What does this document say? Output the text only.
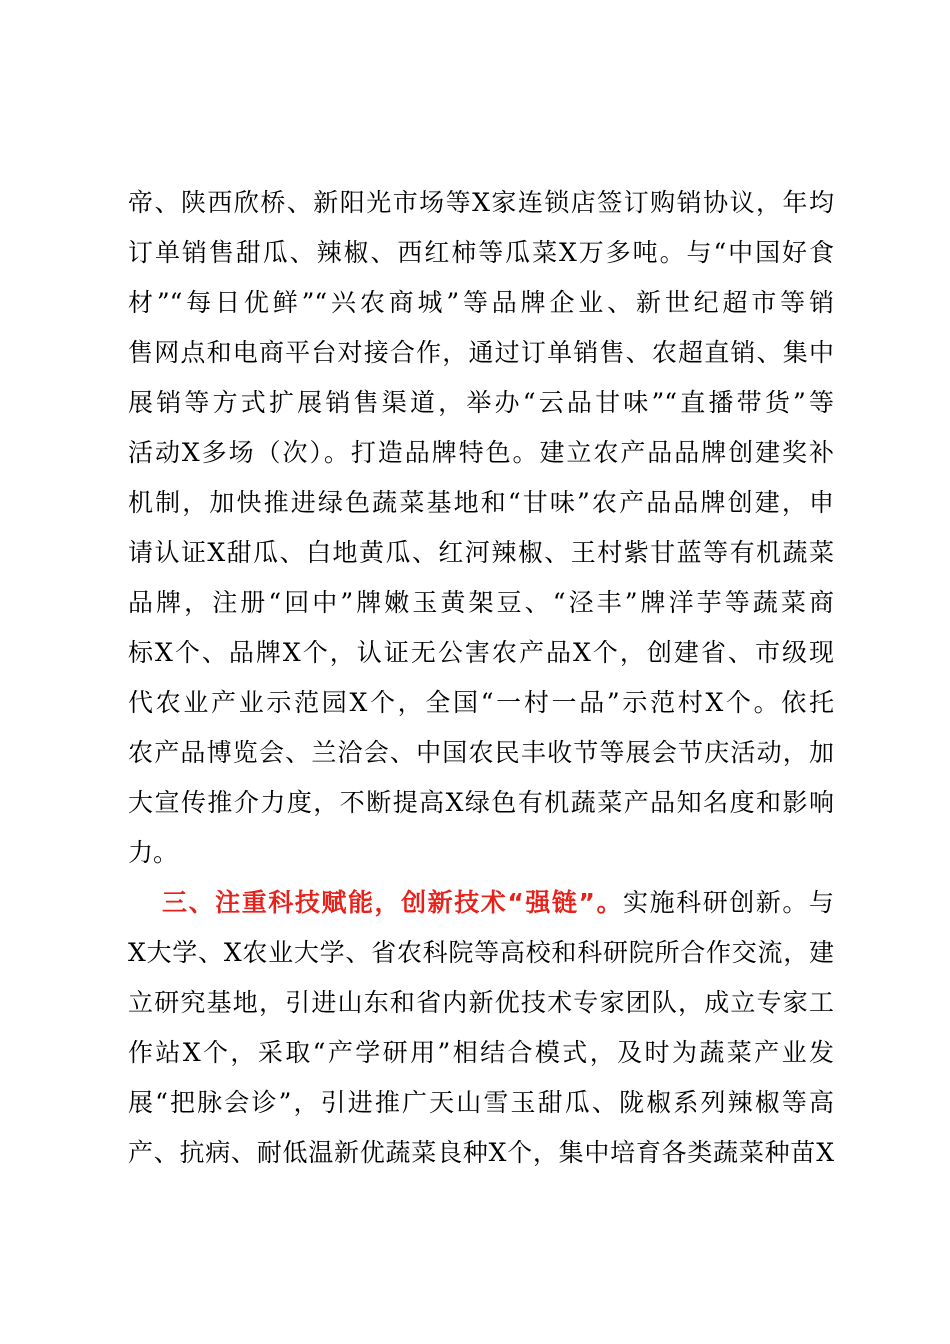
帝、陕西欣桥、新阳光市场等X家连锁店签订购销协议，年均
订单销售甜瓜、辣椒、西红柿等瓜菜X万多吨。与“中国好食
材”“每日优鲜”“兴农商城”等品牌企业、新世纪超市等销
售网点和电商平台对接合作，通过订单销售、农超直销、集中
展销等方式扩展销售渠道，举办“云品甘味”“直播带货”等
活动X多场（次）。打造品牌特色。建立农产品品牌创建奖补
机制，加快推进绿色蔬菜基地和“甘味”农产品品牌创建，申
请认证X甜瓜、白地黄瓜、红河辣椒、王村紫甘蓝等有机蔬菜
品牌，注册“回中”牌嫩玉黄架豆、“泾丰”牌洋芋等蔬菜商
标X个、品牌X个，认证无公害农产品X个，创建省、市级现
代农业产业示范园X个，全国“一村一品”示范村X个。依托
农产品博览会、兰洽会、中国农民丰收节等展会节庆活动，加
大宣传推介力度，不断提高X绿色有机蔬菜产品知名度和影响
力。
三、注重科技赋能，创新技术“强链”。实施科研创新。与
X大学、X农业大学、省农科院等高校和科研院所合作交流，建
立研究基地，引进山东和省内新优技术专家团队，成立专家工
作站X个，采取“产学研用”相结合模式，及时为蔬菜产业发
展“把脉会诊”，引进推广天山雪玉甜瓜、陇椒系列辣椒等高
产、抗病、耐低温新优蔬菜良种X个，集中培育各类蔬菜种苗X
